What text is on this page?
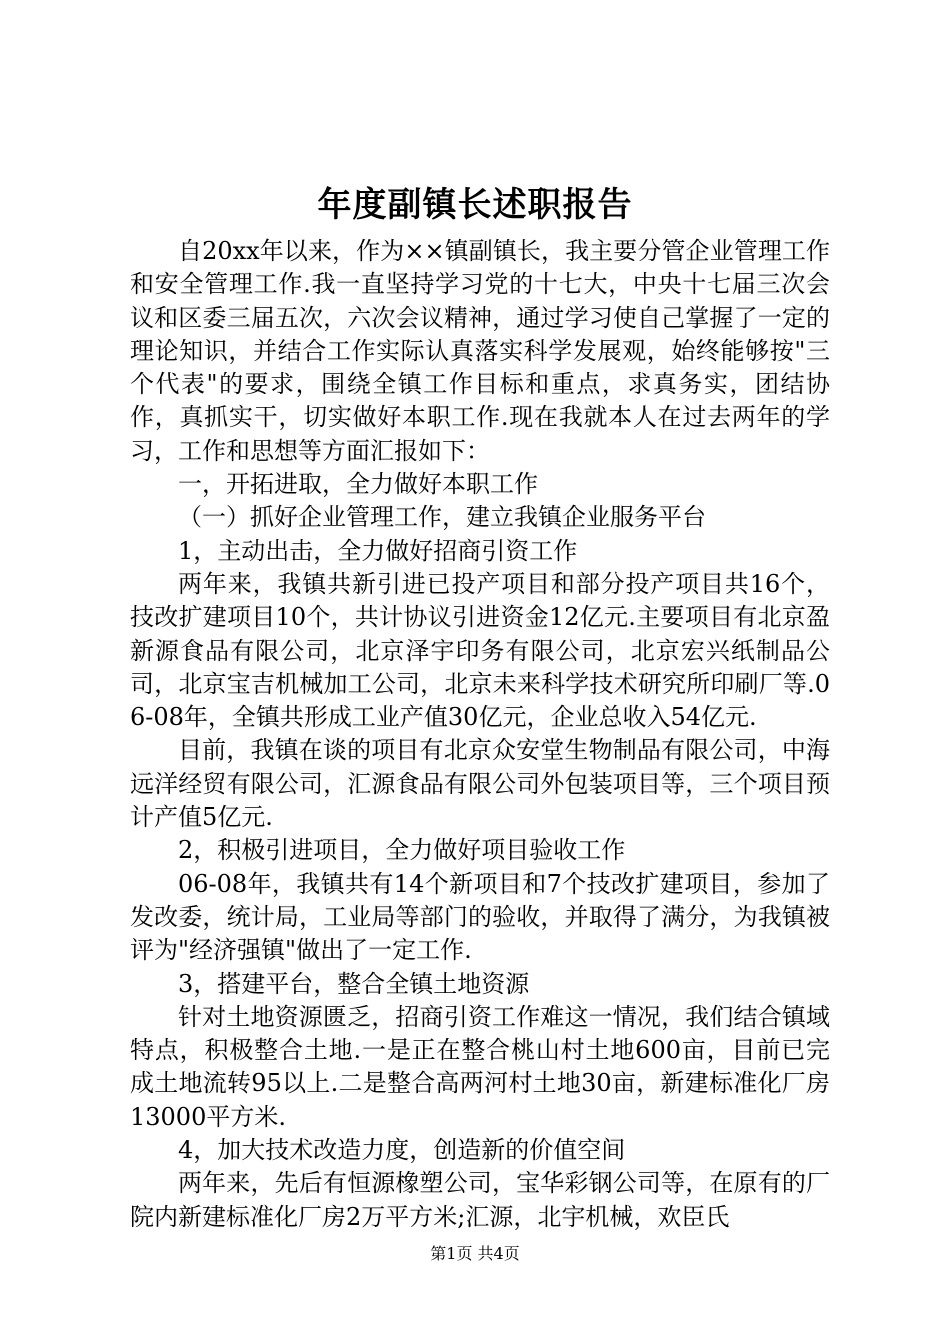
年度副镇长述职报告

自20xx年以来，作为××镇副镇长，我主要分管企业管理工作和安全管理工作.我一直坚持学习党的十七大，中央十七届三次会议和区委三届五次，六次会议精神，通过学习使自己掌握了一定的理论知识，并结合工作实际认真落实科学发展观，始终能够按"三个代表"的要求，围绕全镇工作目标和重点，求真务实，团结协作，真抓实干，切实做好本职工作.现在我就本人在过去两年的学习，工作和思想等方面汇报如下：

一，开拓进取，全力做好本职工作

（一）抓好企业管理工作，建立我镇企业服务平台

1，主动出击，全力做好招商引资工作

两年来，我镇共新引进已投产项目和部分投产项目共16个，技改扩建项目10个，共计协议引进资金12亿元.主要项目有北京盈新源食品有限公司，北京泽宇印务有限公司，北京宏兴纸制品公司，北京宝吉机械加工公司，北京未来科学技术研究所印刷厂等.06-08年，全镇共形成工业产值30亿元，企业总收入54亿元.

目前，我镇在谈的项目有北京众安堂生物制品有限公司，中海远洋经贸有限公司，汇源食品有限公司外包装项目等，三个项目预计产值5亿元.

2，积极引进项目，全力做好项目验收工作

06-08年，我镇共有14个新项目和7个技改扩建项目，参加了发改委，统计局，工业局等部门的验收，并取得了满分，为我镇被评为"经济强镇"做出了一定工作.

3，搭建平台，整合全镇土地资源

针对土地资源匮乏，招商引资工作难这一情况，我们结合镇域特点，积极整合土地.一是正在整合桃山村土地600亩，目前已完成土地流转95以上.二是整合高两河村土地30亩，新建标准化厂房13000平方米.

4，加大技术改造力度，创造新的价值空间

两年来，先后有恒源橡塑公司，宝华彩钢公司等，在原有的厂院内新建标准化厂房2万平方米;汇源，北宇机械，欢臣氏

第1页 共4页
